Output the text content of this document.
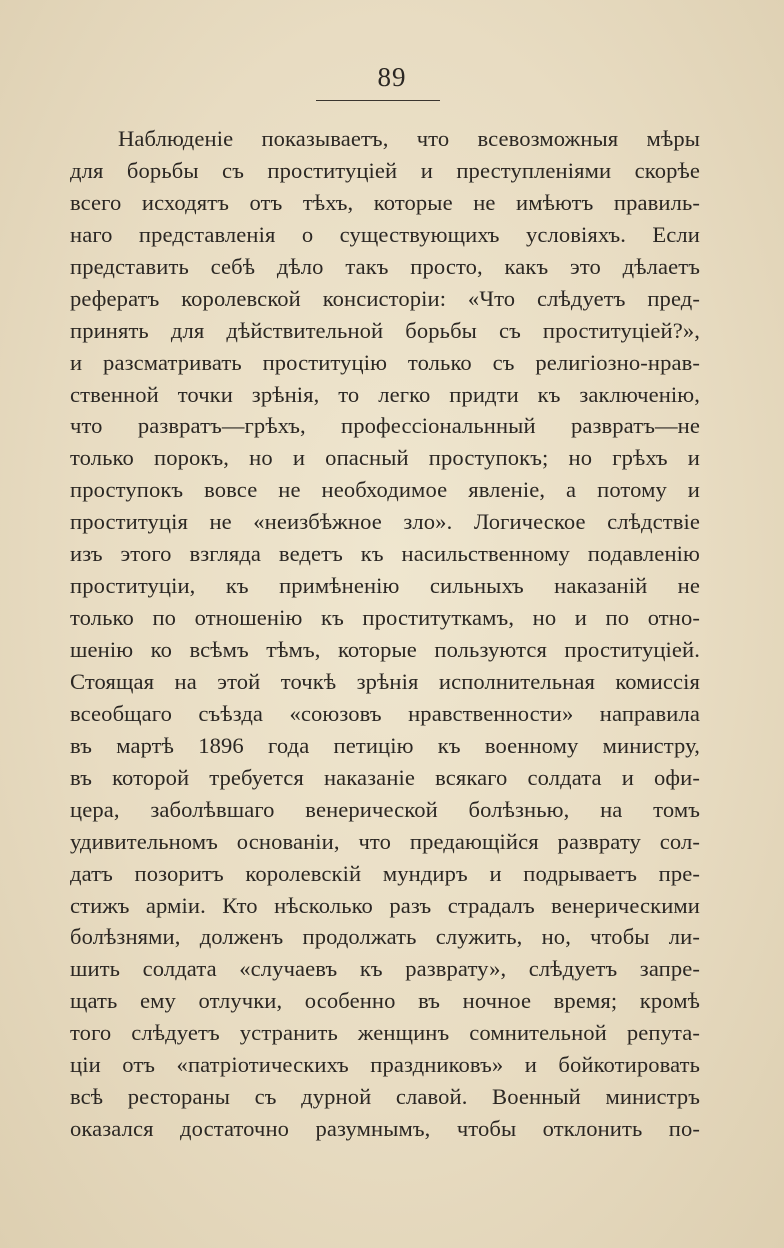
89
Наблюденіе показываетъ, что всевозможныя мѣры
для борьбы съ проституціей и преступленіями скорѣе
всего исходятъ отъ тѣхъ, которые не имѣютъ правиль-
наго представленія о существующихъ условіяхъ. Если
представить себѣ дѣло такъ просто, какъ это дѣлаетъ
рефератъ королевской консисторіи: «Что слѣдуетъ пред-
принять для дѣйствительной борьбы съ проституціей?»,
и разсматривать проституцію только съ религіозно-нрав-
ственной точки зрѣнія, то легко придти къ заключенію,
что развратъ—грѣхъ, профессіональнный развратъ—не
только порокъ, но и опасный проступокъ; но грѣхъ и
проступокъ вовсе не необходимое явленіе, а потому и
проституція не «неизбѣжное зло». Логическое слѣдствіе
изъ этого взгляда ведетъ къ насильственному подавленію
проституціи, къ примѣненію сильныхъ наказаній не
только по отношенію къ проституткамъ, но и по отно-
шенію ко всѣмъ тѣмъ, которые пользуются проституціей.
Стоящая на этой точкѣ зрѣнія исполнительная комиссія
всеобщаго съѣзда «союзовъ нравственности» направила
въ мартѣ 1896 года петицію къ военному министру,
въ которой требуется наказаніе всякаго солдата и офи-
цера, заболѣвшаго венерической болѣзнью, на томъ
удивительномъ основаніи, что предающійся разврату сол-
датъ позоритъ королевскій мундиръ и подрываетъ пре-
стижъ арміи. Кто нѣсколько разъ страдалъ венерическими
болѣзнями, долженъ продолжать служить, но, чтобы ли-
шить солдата «случаевъ къ разврату», слѣдуетъ запре-
щать ему отлучки, особенно въ ночное время; кромѣ
того слѣдуетъ устранить женщинъ сомнительной репута-
ціи отъ «патріотическихъ праздниковъ» и бойкотировать
всѣ рестораны съ дурной славой. Военный министръ
оказался достаточно разумнымъ, чтобы отклонить по-
